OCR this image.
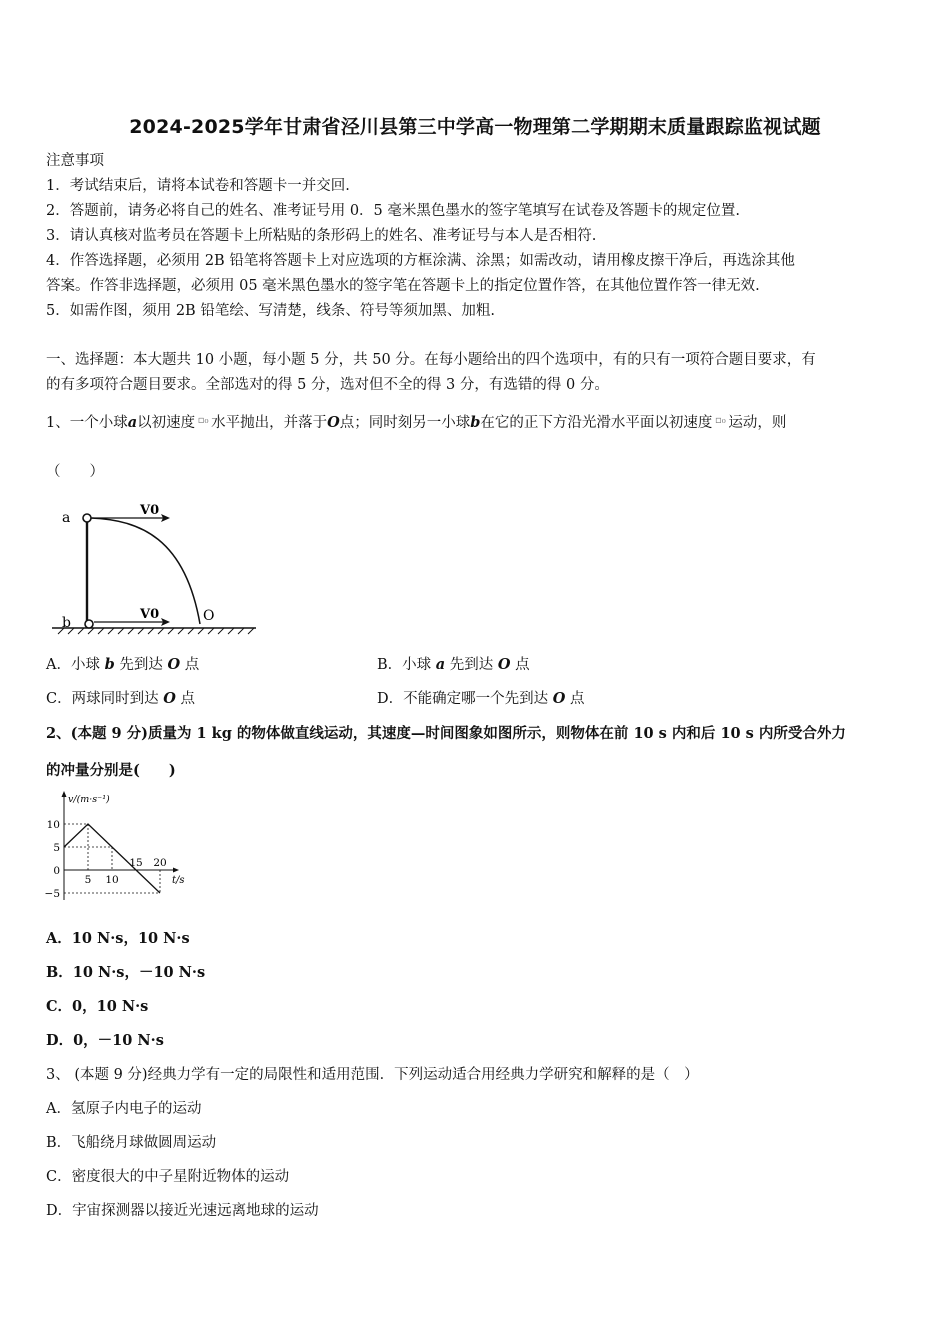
2024-2025学年甘肃省泾川县第三中学高一物理第二学期期末质量跟踪监视试题
注意事项
1．考试结束后，请将本试卷和答题卡一并交回.
2．答题前，请务必将自己的姓名、准考证号用 0．5 毫米黑色墨水的签字笔填写在试卷及答题卡的规定位置.
3．请认真核对监考员在答题卡上所粘贴的条形码上的姓名、准考证号与本人是否相符.
4．作答选择题，必须用 2B 铅笔将答题卡上对应选项的方框涂满、涂黑；如需改动，请用橡皮擦干净后，再选涂其他
答案。作答非选择题，必须用 05 毫米黑色墨水的签字笔在答题卡上的指定位置作答，在其他位置作答一律无效.
5．如需作图，须用 2B 铅笔绘、写清楚，线条、符号等须加黑、加粗.
一、选择题：本大题共 10 小题，每小题 5 分，共 50 分。在每小题给出的四个选项中，有的只有一项符合题目要求，有
的有多项符合题目要求。全部选对的得 5 分，选对但不全的得 3 分，有选错的得 0 分。
1、一个小球a以初速度 ▫₀ 水平抛出，并落于O点；同时刻另一小球b在它的正下方沿光滑水平面以初速度 ▫₀ 运动，则
（　　）
a
b
V0
V0	O
A．小球 b 先到达 O 点	B．小球 a 先到达 O 点
C．两球同时到达 O 点	D．不能确定哪一个先到达 O 点
2、(本题 9 分)质量为 1 kg 的物体做直线运动，其速度—时间图象如图所示，则物体在前 10 s 内和后 10 s 内所受合外力
的冲量分别是(　　)
10
5
0
−5
5 10
15 20
v/(m·s⁻¹)
t/s
A．10 N·s，10 N·s
B．10 N·s，－10 N·s
C．0，10 N·s
D．0，－10 N·s
3、 (本题 9 分)经典力学有一定的局限性和适用范围．下列运动适合用经典力学研究和解释的是（　）
A．氢原子内电子的运动
B．飞船绕月球做圆周运动
C．密度很大的中子星附近物体的运动
D．宇宙探测器以接近光速远离地球的运动
